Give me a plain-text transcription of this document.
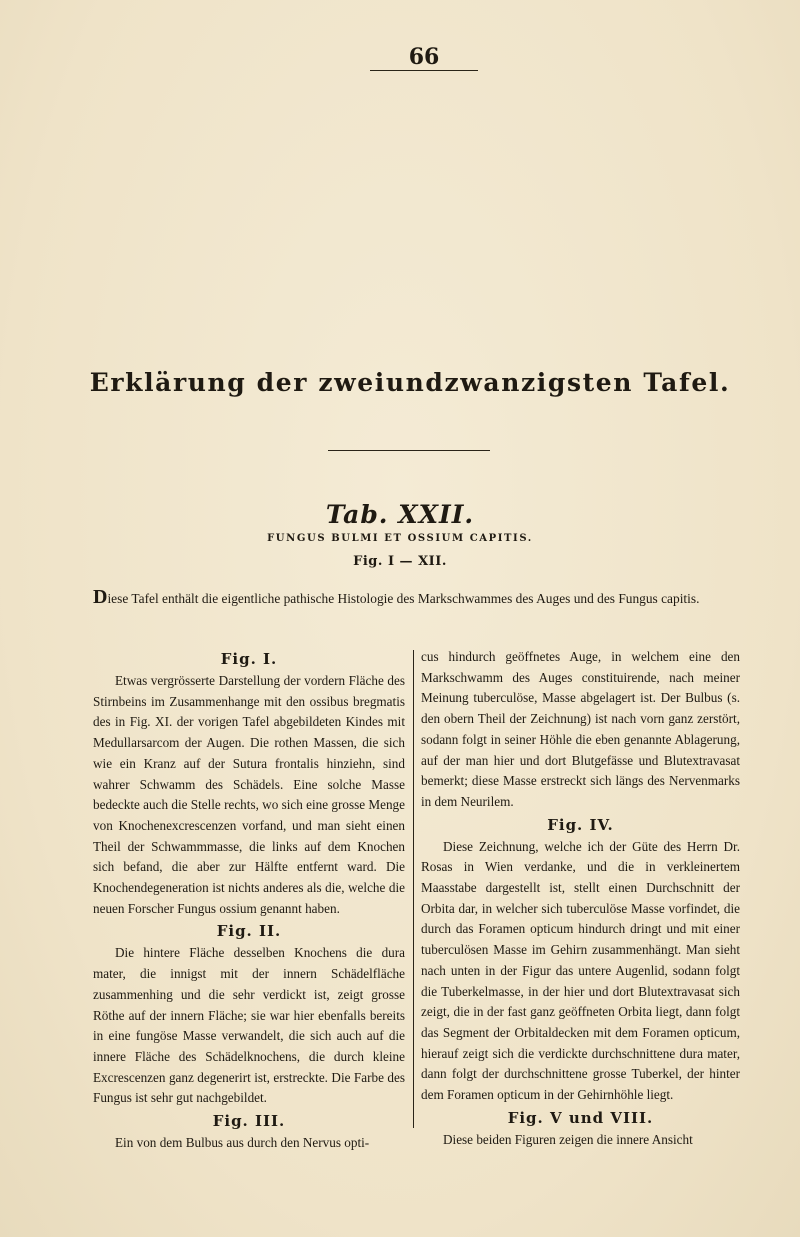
66
Erklärung der zweiundzwanzigsten Tafel.
Tab. XXII.
FUNGUS BULMI ET OSSIUM CAPITIS.
Fig. I — XII.

Diese Tafel enthält die eigentliche pathische Histologie des Markschwammes des Auges und des Fungus capitis.

Fig. I.

Etwas vergrösserte Darstellung der vordern Fläche des Stirnbeins im Zusammenhange mit den ossibus bregmatis des in Fig. XI. der vorigen Tafel abgebildeten Kindes mit Medullarsarcom der Augen. Die rothen Massen, die sich wie ein Kranz auf der Sutura frontalis hinziehn, sind wahrer Schwamm des Schädels. Eine solche Masse bedeckte auch die Stelle rechts, wo sich eine grosse Menge von Knochenexcrescenzen vorfand, und man sieht einen Theil der Schwammmasse, die links auf dem Knochen sich befand, die aber zur Hälfte entfernt ward. Die Knochendegeneration ist nichts anderes als die, welche die neuen Forscher Fungus ossium genannt haben.

Fig. II.

Die hintere Fläche desselben Knochens die dura mater, die innigst mit der innern Schädelfläche zusammenhing und die sehr verdickt ist, zeigt grosse Röthe auf der innern Fläche; sie war hier ebenfalls bereits in eine fungöse Masse verwandelt, die sich auch auf die innere Fläche des Schädelknochens, die durch kleine Excrescenzen ganz degenerirt ist, erstreckte. Die Farbe des Fungus ist sehr gut nachgebildet.

Fig. III.

Ein von dem Bulbus aus durch den Nervus opti-

cus hindurch geöffnetes Auge, in welchem eine den Markschwamm des Auges constituirende, nach meiner Meinung tuberculöse, Masse abgelagert ist. Der Bulbus (s. den obern Theil der Zeichnung) ist nach vorn ganz zerstört, sodann folgt in seiner Höhle die eben genannte Ablagerung, auf der man hier und dort Blutgefässe und Blutextravasat bemerkt; diese Masse erstreckt sich längs des Nervenmarks in dem Neurilem.

Fig. IV.

Diese Zeichnung, welche ich der Güte des Herrn Dr. Rosas in Wien verdanke, und die in verkleinertem Maasstabe dargestellt ist, stellt einen Durchschnitt der Orbita dar, in welcher sich tuberculöse Masse vorfindet, die durch das Foramen opticum hindurch dringt und mit einer tuberculösen Masse im Gehirn zusammenhängt. Man sieht nach unten in der Figur das untere Augenlid, sodann folgt die Tuberkelmasse, in der hier und dort Blutextravasat sich zeigt, die in der fast ganz geöffneten Orbita liegt, dann folgt das Segment der Orbitaldecken mit dem Foramen opticum, hierauf zeigt sich die verdickte durchschnittene dura mater, dann folgt der durchschnittene grosse Tuberkel, der hinter dem Foramen opticum in der Gehirnhöhle liegt.

Fig. V und VIII.

Diese beiden Figuren zeigen die innere Ansicht
